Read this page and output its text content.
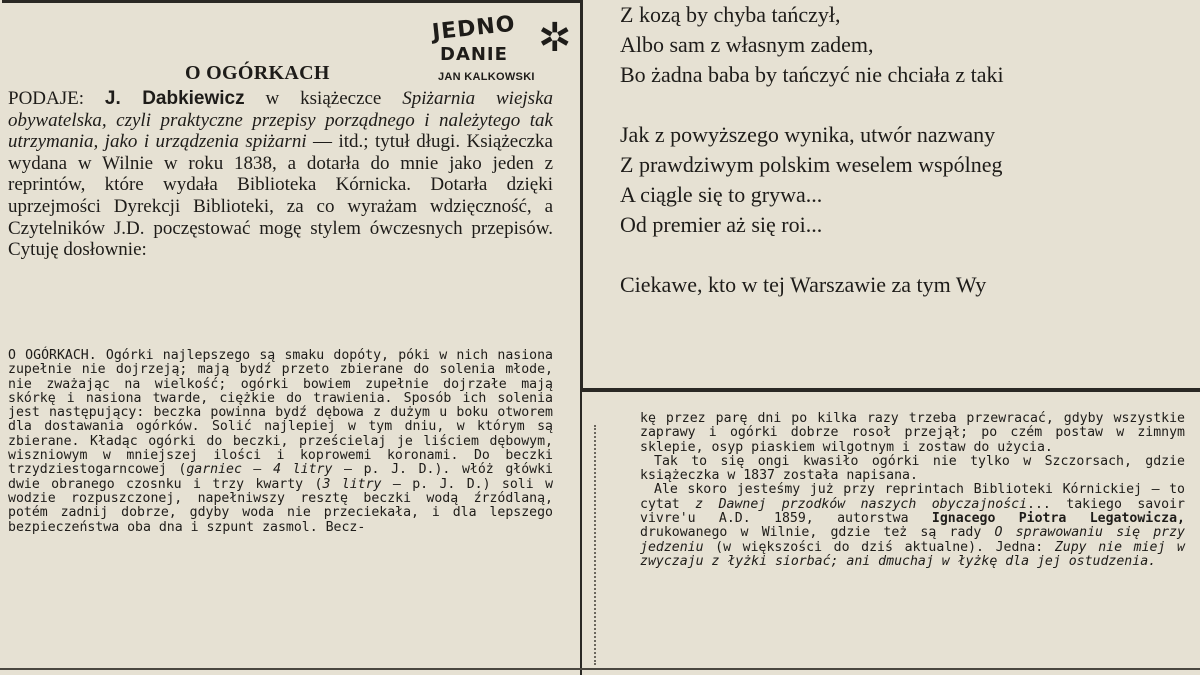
JEDNO
DANIE ✲
JAN KALKOWSKI
O OGÓRKACH
PODAJE: J. Dabkiewicz w książeczce Spiżarnia wiejska obywatelska, czyli praktyczne przepisy porządnego i należytego tak utrzymania, jako i urządzenia spiżarni — itd.; tytuł długi. Książeczka wydana w Wilnie w roku 1838, a dotarła do mnie jako jeden z reprintów, które wydała Biblioteka Kórnicka. Dotarła dzięki uprzejmości Dyrekcji Biblioteki, za co wyrażam wdzięczność, a Czytelników J.D. poczęstować mogę stylem ówczesnych przepisów. Cytuję dosłownie:
O OGÓRKACH. Ogórki najlepszego są smaku dopóty, póki w nich nasiona zupełnie nie dojrzeją; mają bydź przeto zbierane do solenia młode, nie zważając na wielkość; ogórki bowiem zupełnie dojrzałe mają skórkę i nasiona twarde, ciężkie do trawienia. Sposób ich solenia jest następujący: beczka powinna bydź dębowa z dużym u boku otworem dla dostawania ogórków. Solić najlepiej w tym dniu, w którym są zbierane. Kładąc ogórki do beczki, prześcielaj je liściem dębowym, wiszniowym w mniejszej ilości i koprowemi koronami. Do beczki trzydziestogarncowej (garniec — 4 litry — p. J. D.). włóż główki dwie obranego czosnku i trzy kwarty (3 litry — p. J. D.) soli w wodzie rozpuszczonej, napełniwszy resztę beczki wodą źrzódlaną, potém zadnij dobrze, gdyby woda nie przeciekała, i dla lepszego bezpieczeństwa oba dna i szpunt zasmol. Becz-
Z kozą by chyba tańczył,
Albo sam z własnym zadem,
Bo żadna baba by tańczyć nie chciała z taki
Jak z powyższego wynika, utwór nazwany
Z prawdziwym polskim weselem wspólneg
A ciągle się to grywa...
Od premier aż się roi...
Ciekawe, kto w tej Warszawie za tym Wy
kę przez parę dni po kilka razy trzeba przewracać, gdyby wszystkie zaprawy i ogórki dobrze rosoł przejął; po czém postaw w zimnym sklepie, osyp piaskiem wilgotnym i zostaw do użycia.
Tak to się ongi kwasiło ogórki nie tylko w Szczorsach, gdzie książeczka w 1837 została napisana.
Ale skoro jesteśmy już przy reprintach Biblioteki Kórnickiej — to cytat z Dawnej przodków naszych obyczajności... takiego savoir vivre'u A.D. 1859, autorstwa Ignacego Piotra Legatowicza, drukowanego w Wilnie, gdzie też są rady O sprawowaniu się przy jedzeniu (w większości do dziś aktualne). Jedna: Zupy nie miej w zwyczaju z łyżki siorbać; ani dmuchaj w łyżkę dla jej ostudzenia.
